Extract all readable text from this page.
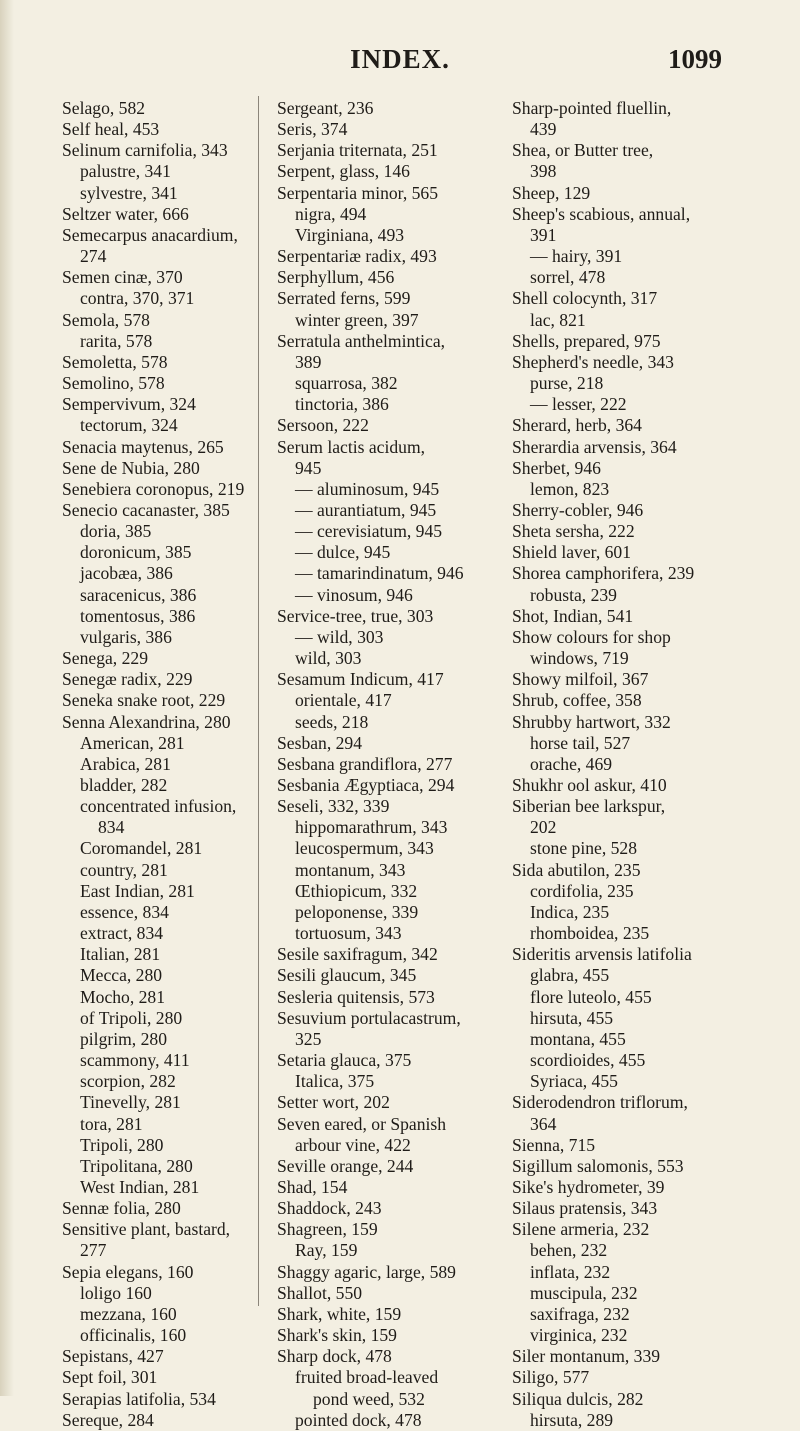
INDEX.	1099
Selago, 582
Self heal, 453
Selinum carnifolia, 343
palustre, 341
sylvestre, 341
Seltzer water, 666
Semecarpus anacardium,
274
Semen cinæ, 370
contra, 370, 371
Semola, 578
rarita, 578
Semoletta, 578
Semolino, 578
Sempervivum, 324
tectorum, 324
Senacia maytenus, 265
Sene de Nubia, 280
Senebiera coronopus, 219
Senecio cacanaster, 385
doria, 385
doronicum, 385
jacobæa, 386
saracenicus, 386
tomentosus, 386
vulgaris, 386
Senega, 229
Senegæ radix, 229
Seneka snake root, 229
Senna Alexandrina, 280
American, 281
Arabica, 281
bladder, 282
concentrated infusion,
834
Coromandel, 281
country, 281
East Indian, 281
essence, 834
extract, 834
Italian, 281
Mecca, 280
Mocho, 281
of Tripoli, 280
pilgrim, 280
scammony, 411
scorpion, 282
Tinevelly, 281
tora, 281
Tripoli, 280
Tripolitana, 280
West Indian, 281
Sennæ folia, 280
Sensitive plant, bastard,
277
Sepia elegans, 160
loligo 160
mezzana, 160
officinalis, 160
Sepistans, 427
Sept foil, 301
Serapias latifolia, 534
Sereque, 284
Sergeant, 236
Seris, 374
Serjania triternata, 251
Serpent, glass, 146
Serpentaria minor, 565
nigra, 494
Virginiana, 493
Serpentariæ radix, 493
Serphyllum, 456
Serrated ferns, 599
winter green, 397
Serratula anthelmintica,
389
squarrosa, 382
tinctoria, 386
Sersoon, 222
Serum lactis acidum,
945
— aluminosum, 945
— aurantiatum, 945
— cerevisiatum, 945
— dulce, 945
— tamarindinatum, 946
— vinosum, 946
Service-tree, true, 303
— wild, 303
wild, 303
Sesamum Indicum, 417
orientale, 417
seeds, 218
Sesban, 294
Sesbana grandiflora, 277
Sesbania Ægyptiaca, 294
Seseli, 332, 339
hippomarathrum, 343
leucospermum, 343
montanum, 343
Œthiopicum, 332
peloponense, 339
tortuosum, 343
Sesile saxifragum, 342
Sesili glaucum, 345
Sesleria quitensis, 573
Sesuvium portulacastrum,
325
Setaria glauca, 375
Italica, 375
Setter wort, 202
Seven eared, or Spanish
arbour vine, 422
Seville orange, 244
Shad, 154
Shaddock, 243
Shagreen, 159
Ray, 159
Shaggy agaric, large, 589
Shallot, 550
Shark, white, 159
Shark's skin, 159
Sharp dock, 478
fruited broad-leaved
pond weed, 532
pointed dock, 478
Sharp-pointed fluellin,
439
Shea, or Butter tree,
398
Sheep, 129
Sheep's scabious, annual,
391
— hairy, 391
sorrel, 478
Shell colocynth, 317
lac, 821
Shells, prepared, 975
Shepherd's needle, 343
purse, 218
— lesser, 222
Sherard, herb, 364
Sherardia arvensis, 364
Sherbet, 946
lemon, 823
Sherry-cobler, 946
Sheta sersha, 222
Shield laver, 601
Shorea camphorifera, 239
robusta, 239
Shot, Indian, 541
Show colours for shop
windows, 719
Showy milfoil, 367
Shrub, coffee, 358
Shrubby hartwort, 332
horse tail, 527
orache, 469
Shukhr ool askur, 410
Siberian bee larkspur,
202
stone pine, 528
Sida abutilon, 235
cordifolia, 235
Indica, 235
rhomboidea, 235
Sideritis arvensis latifolia
glabra, 455
flore luteolo, 455
hirsuta, 455
montana, 455
scordioides, 455
Syriaca, 455
Siderodendron triflorum,
364
Sienna, 715
Sigillum salomonis, 553
Sike's hydrometer, 39
Silaus pratensis, 343
Silene armeria, 232
behen, 232
inflata, 232
muscipula, 232
saxifraga, 232
virginica, 232
Siler montanum, 339
Siligo, 577
Siliqua dulcis, 282
hirsuta, 289
